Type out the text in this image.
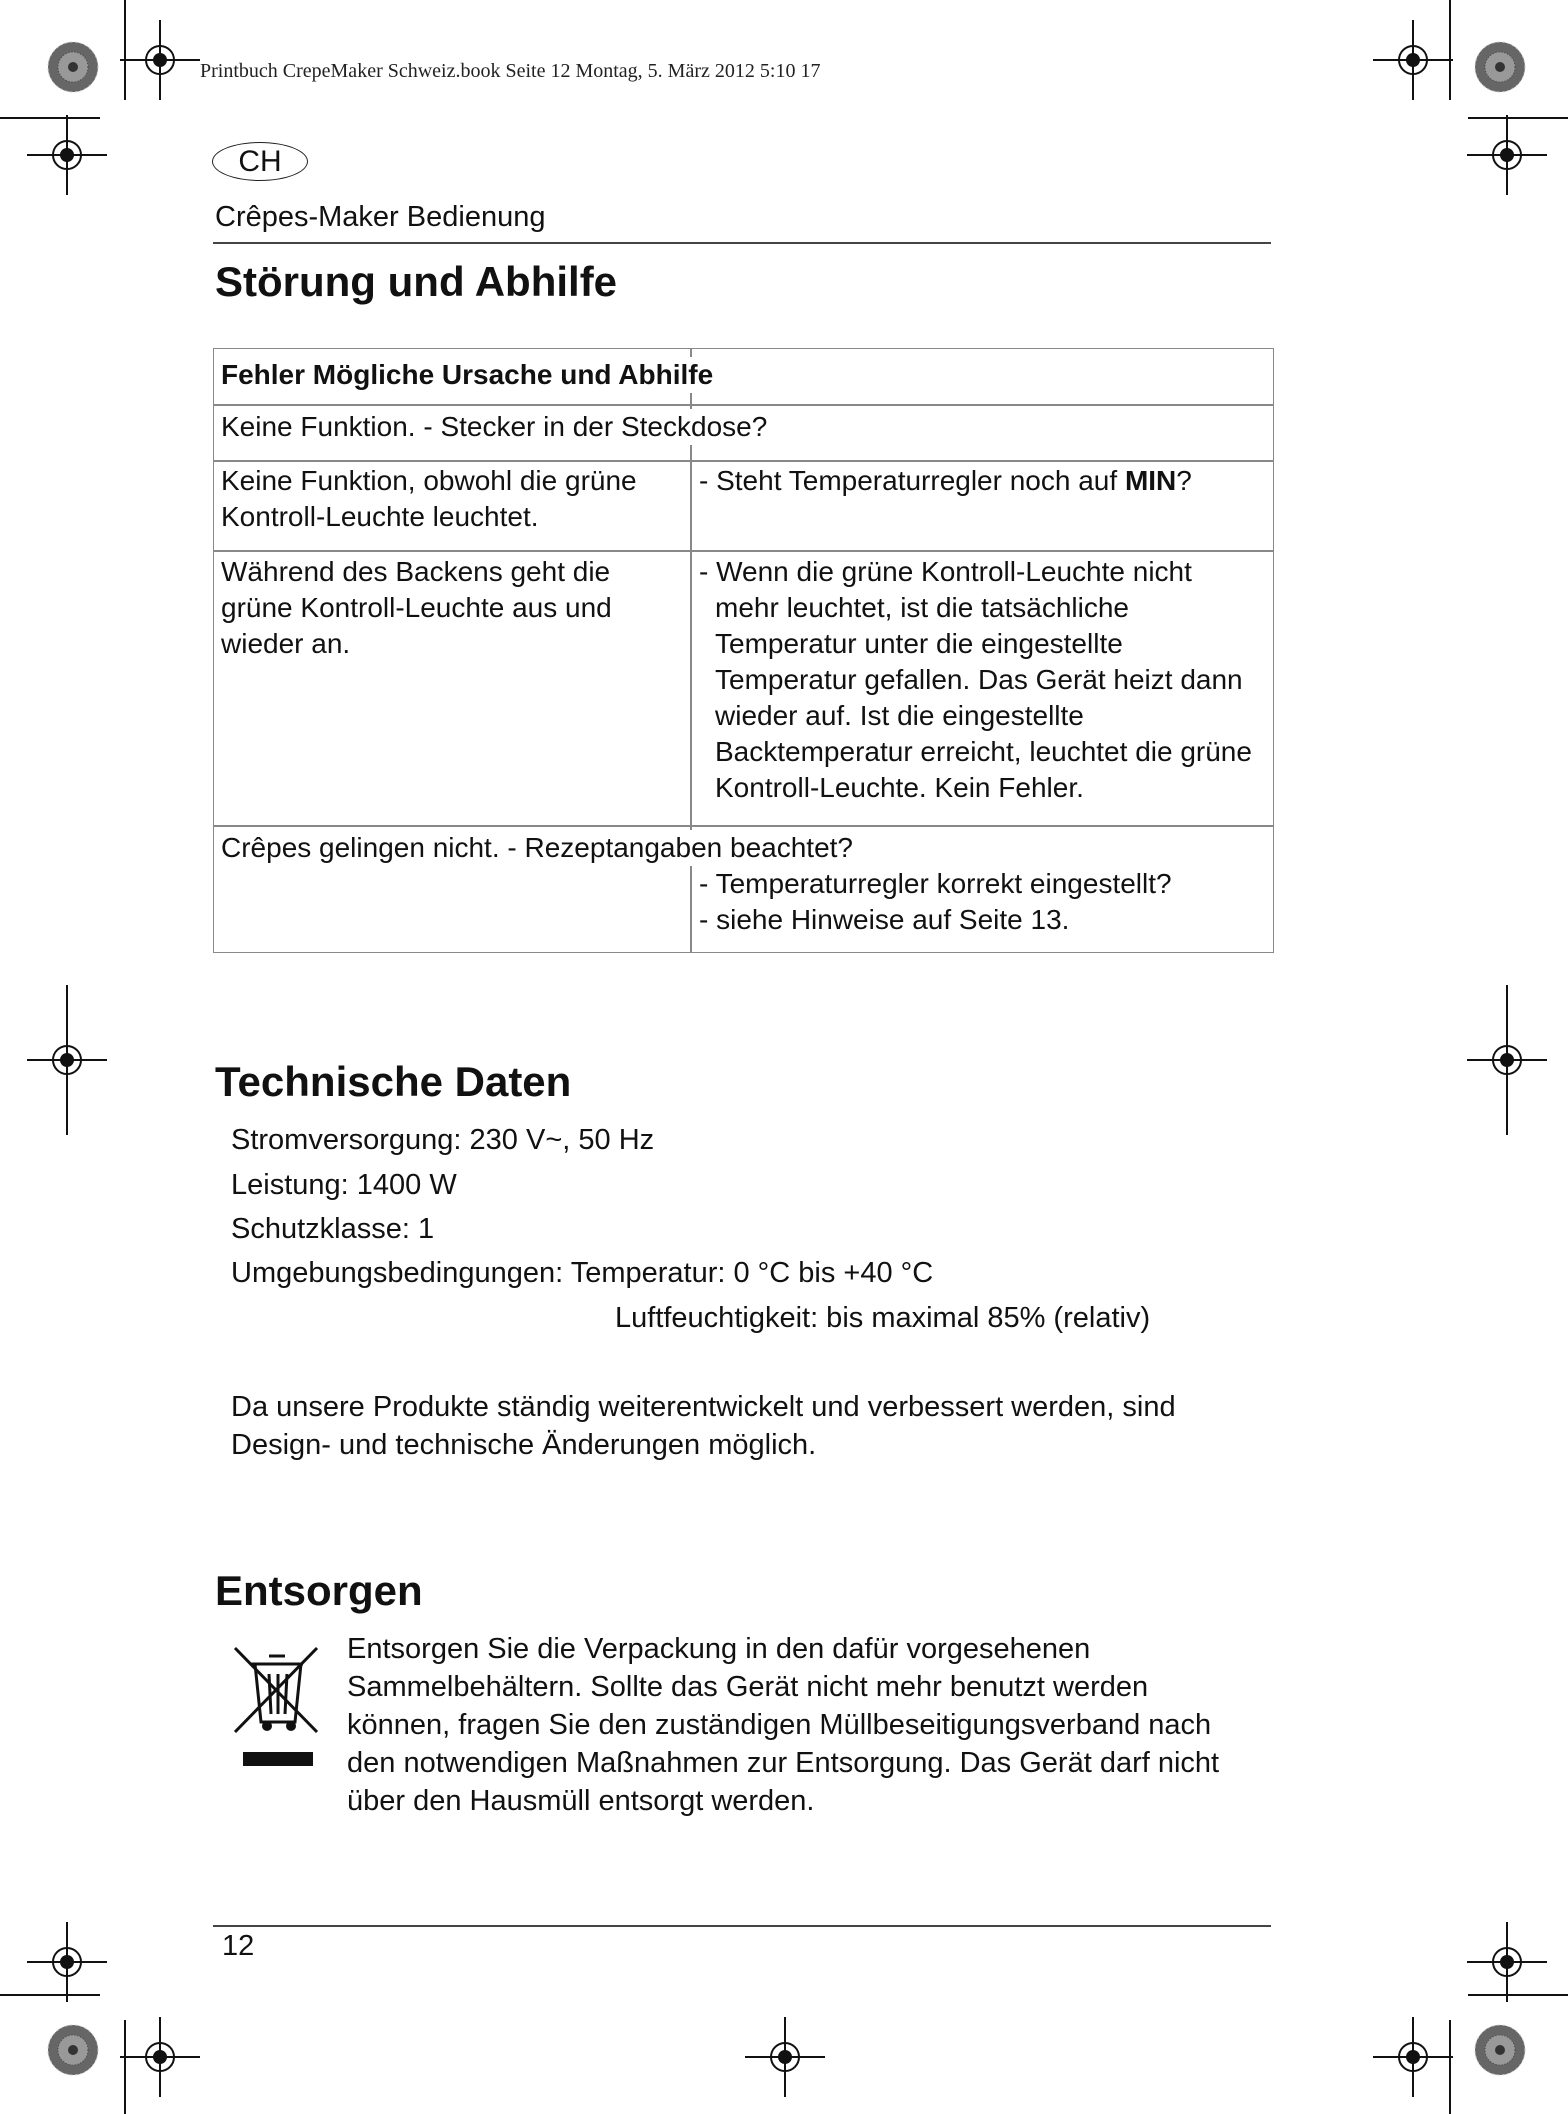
Printbuch CrepeMaker Schweiz.book Seite 12 Montag, 5. März 2012 5:10 17
CH
Crêpes-Maker Bedienung
Störung und Abhilfe
Fehler Mögliche Ursache und Abhilfe
Keine Funktion. - Stecker in der Steckdose?
Keine Funktion, obwohl die grüne Kontroll-Leuchte leuchtet.
- Steht Temperaturregler noch auf MIN?
Während des Backens geht die grüne Kontroll-Leuchte aus und wieder an.
- Wenn die grüne Kontroll-Leuchte nicht mehr leuchtet, ist die tatsächliche Temperatur unter die eingestellte Temperatur gefallen. Das Gerät heizt dann wieder auf. Ist die eingestellte Backtemperatur erreicht, leuchtet die grüne Kontroll-Leuchte. Kein Fehler.
Crêpes gelingen nicht. - Rezeptangaben beachtet?
- Temperaturregler korrekt eingestellt?
- siehe Hinweise auf Seite 13.
Technische Daten
Stromversorgung: 230 V~, 50 Hz
Leistung: 1400 W
Schutzklasse: 1
Umgebungsbedingungen: Temperatur: 0 °C bis +40 °C
Luftfeuchtigkeit: bis maximal 85% (relativ)
Da unsere Produkte ständig weiterentwickelt und verbessert werden, sind Design- und technische Änderungen möglich.
Entsorgen
Entsorgen Sie die Verpackung in den dafür vorgesehenen Sammelbehältern. Sollte das Gerät nicht mehr benutzt werden können, fragen Sie den zuständigen Müllbeseitigungsverband nach den notwendigen Maßnahmen zur Entsorgung. Das Gerät darf nicht über den Hausmüll entsorgt werden.
12
